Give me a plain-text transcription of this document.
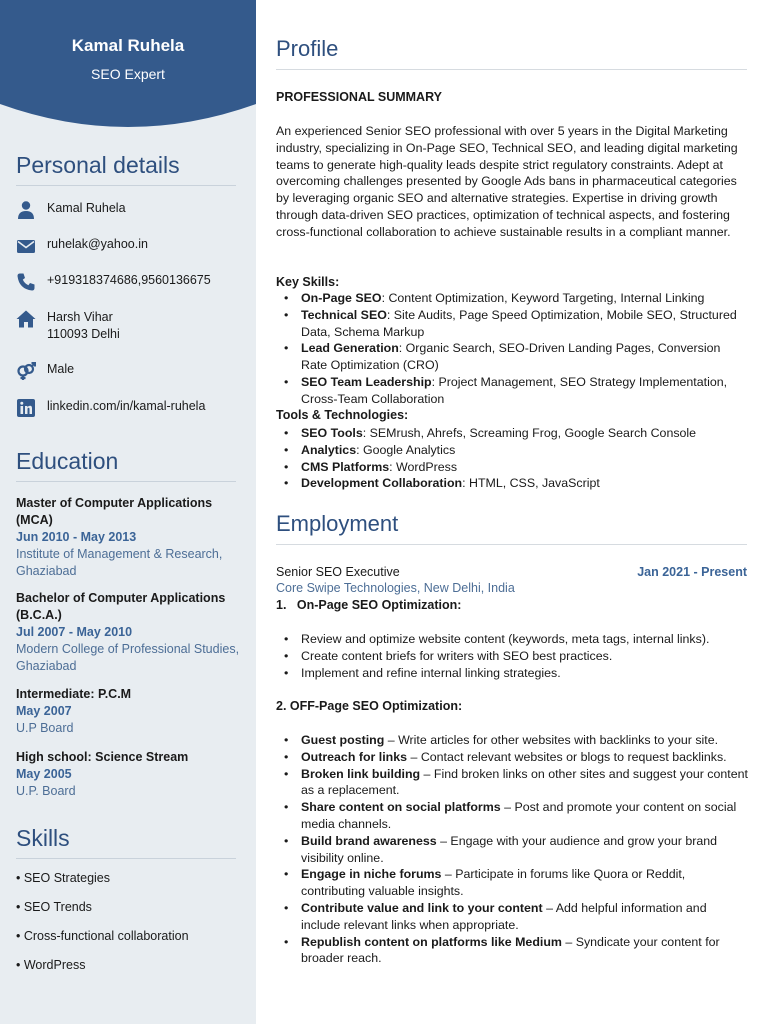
Kamal Ruhela
SEO Expert
Personal details
Kamal Ruhela
ruhelak@yahoo.in
+919318374686,9560136675
Harsh Vihar
110093 Delhi
Male
linkedin.com/in/kamal-ruhela
Education
Master of Computer Applications (MCA)
Jun 2010 - May 2013
Institute of Management & Research, Ghaziabad
Bachelor of Computer Applications (B.C.A.)
Jul 2007 - May 2010
Modern College of Professional Studies, Ghaziabad
Intermediate: P.C.M
May 2007
U.P Board
High school: Science Stream
May 2005
U.P. Board
Skills
• SEO Strategies
• SEO Trends
• Cross-functional collaboration
• WordPress
Profile
PROFESSIONAL SUMMARY
An experienced Senior SEO professional with over 5 years in the Digital Marketing industry, specializing in On-Page SEO, Technical SEO, and leading digital marketing teams to generate high-quality leads despite strict regulatory constraints. Adept at overcoming challenges presented by Google Ads bans in pharmaceutical categories by leveraging organic SEO and alternative strategies. Expertise in driving growth through data-driven SEO practices, optimization of technical aspects, and fostering cross-functional collaboration to achieve sustainable results in a compliant manner.
Key Skills:
• On-Page SEO: Content Optimization, Keyword Targeting, Internal Linking
• Technical SEO: Site Audits, Page Speed Optimization, Mobile SEO, Structured Data, Schema Markup
• Lead Generation: Organic Search, SEO-Driven Landing Pages, Conversion Rate Optimization (CRO)
• SEO Team Leadership: Project Management, SEO Strategy Implementation, Cross-Team Collaboration
Tools & Technologies:
• SEO Tools: SEMrush, Ahrefs, Screaming Frog, Google Search Console
• Analytics: Google Analytics
• CMS Platforms: WordPress
• Development Collaboration: HTML, CSS, JavaScript
Employment
Senior SEO Executive	Jan 2021 - Present
Core Swipe Technologies, New Delhi, India
1.   On-Page SEO Optimization:
• Review and optimize website content (keywords, meta tags, internal links).
• Create content briefs for writers with SEO best practices.
• Implement and refine internal linking strategies.
2. OFF-Page SEO Optimization:
• Guest posting – Write articles for other websites with backlinks to your site.
• Outreach for links – Contact relevant websites or blogs to request backlinks.
• Broken link building – Find broken links on other sites and suggest your content as a replacement.
• Share content on social platforms – Post and promote your content on social media channels.
• Build brand awareness – Engage with your audience and grow your brand visibility online.
• Engage in niche forums – Participate in forums like Quora or Reddit, contributing valuable insights.
• Contribute value and link to your content – Add helpful information and include relevant links when appropriate.
• Republish content on platforms like Medium – Syndicate your content for broader reach.
